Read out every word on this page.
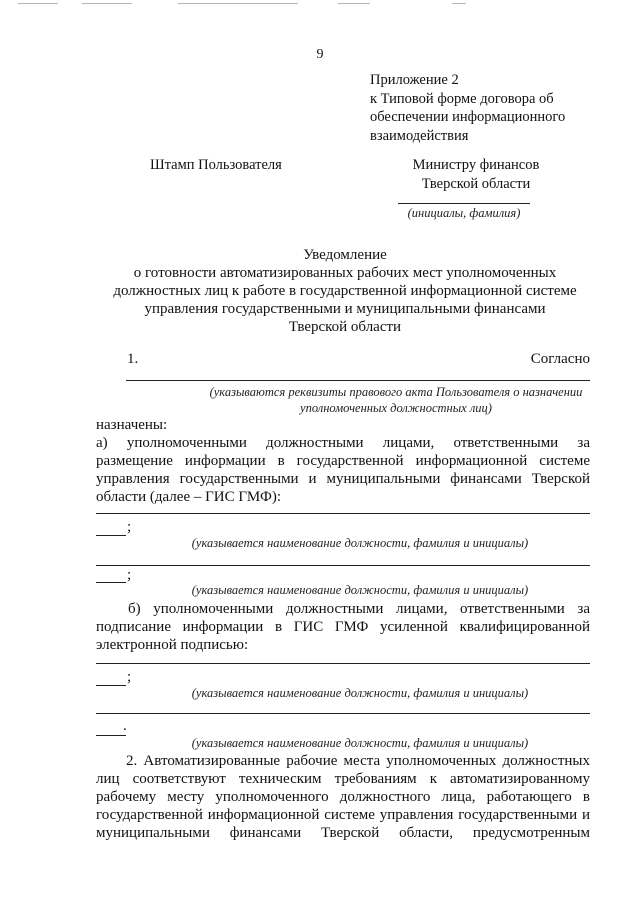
9
Приложение 2
к Типовой форме договора об
обеспечении информационного
взаимодействия
Штамп Пользователя	Министру финансов
Тверской области
(инициалы, фамилия)
Уведомление
о готовности автоматизированных рабочих мест уполномоченных
должностных лиц к работе в государственной информационной системе
управления государственными и муниципальными финансами
Тверской области
1.	Согласно
(указываются реквизиты правового акта Пользователя о назначении
уполномоченных должностных лиц)
назначены:
а) уполномоченными должностными лицами, ответственными за
размещение информации в государственной информационной системе
управления государственными и муниципальными финансами Тверской
области (далее – ГИС ГМФ):
;
(указывается наименование должности, фамилия и инициалы)
;
(указывается наименование должности, фамилия и инициалы)
б) уполномоченными должностными лицами, ответственными за
подписание информации в ГИС ГМФ усиленной квалифицированной
электронной подписью:
;
(указывается наименование должности, фамилия и инициалы)
.
(указывается наименование должности, фамилия и инициалы)
2. Автоматизированные рабочие места уполномоченных должностных
лиц соответствуют техническим требованиям к автоматизированному
рабочему месту уполномоченного должностного лица, работающего в
государственной информационной системе управления государственными и
муниципальными финансами Тверской области, предусмотренным
